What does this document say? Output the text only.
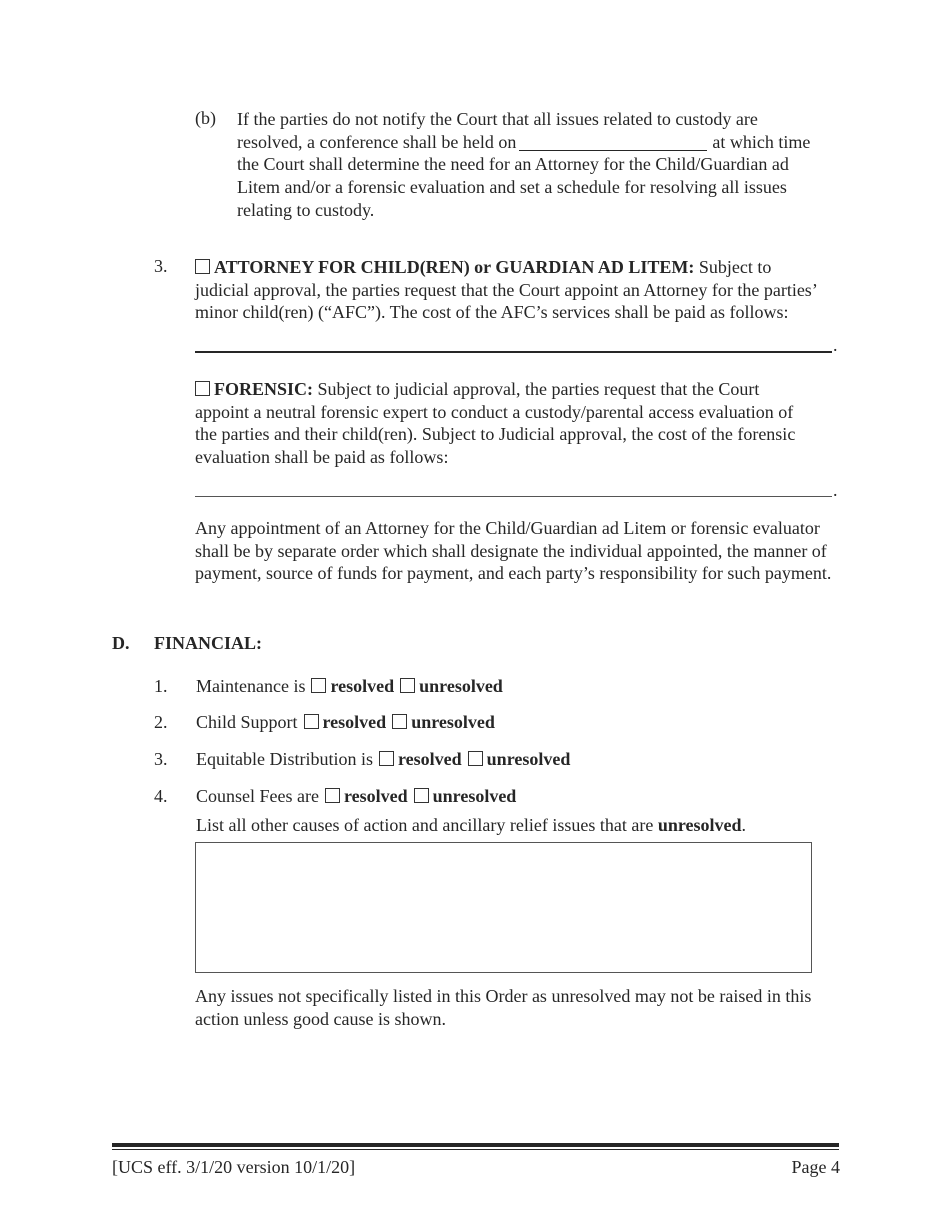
(b) If the parties do not notify the Court that all issues related to custody are
resolved, a conference shall be held on	at which time
the Court shall determine the need for an Attorney for the Child/Guardian ad
Litem and/or a forensic evaluation and set a schedule for resolving all issues
relating to custody.
3.	ATTORNEY FOR CHILD(REN) or GUARDIAN AD LITEM: Subject to
judicial approval, the parties request that the Court appoint an Attorney for the parties’
minor child(ren) (“AFC”). The cost of the AFC’s services shall be paid as follows:
.
FORENSIC: Subject to judicial approval, the parties request that the Court
appoint a neutral forensic expert to conduct a custody/parental access evaluation of
the parties and their child(ren). Subject to Judicial approval, the cost of the forensic
evaluation shall be paid as follows:
.
Any appointment of an Attorney for the Child/Guardian ad Litem or forensic evaluator
shall be by separate order which shall designate the individual appointed, the manner of
payment, source of funds for payment, and each party’s responsibility for such payment.
D. FINANCIAL:
1. Maintenance is resolved unresolved
2. Child Support resolved unresolved
3. Equitable Distribution is resolved unresolved
4. Counsel Fees are resolved unresolved
List all other causes of action and ancillary relief issues that are unresolved.
Any issues not specifically listed in this Order as unresolved may not be raised in this
action unless good cause is shown.
[UCS eff. 3/1/20 version 10/1/20]	Page 4
